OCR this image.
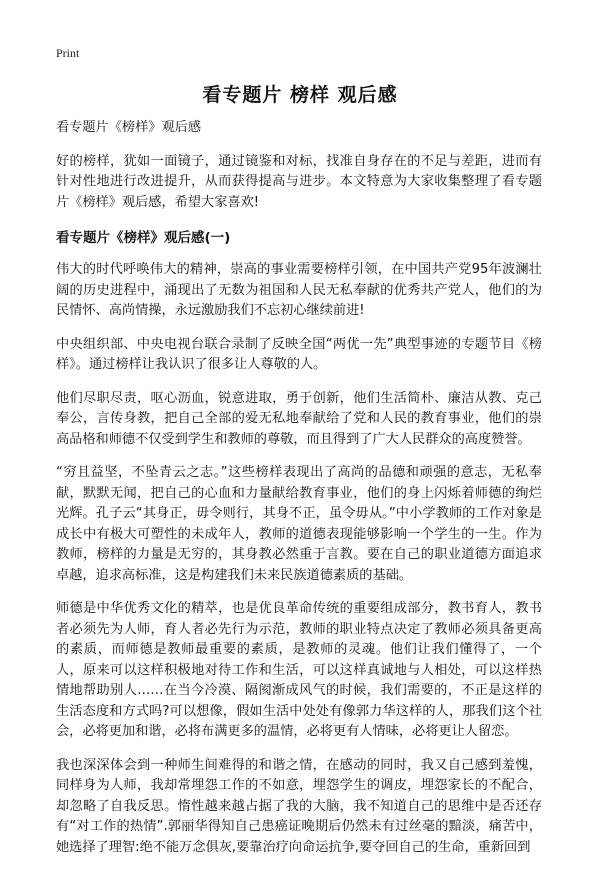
Print
看专题片 榜样 观后感

看专题片《榜样》观后感

好的榜样，犹如一面镜子，通过镜鉴和对标，找准自身存在的不足与差距，进而有针对性地进行改进提升，从而获得提高与进步。本文特意为大家收集整理了看专题片《榜样》观后感，希望大家喜欢!

看专题片《榜样》观后感(一)

伟大的时代呼唤伟大的精神，崇高的事业需要榜样引领，在中国共产党95年波澜壮阔的历史进程中，涌现出了无数为祖国和人民无私奉献的优秀共产党人，他们的为民情怀、高尚情操，永远激励我们不忘初心继续前进!

中央组织部、中央电视台联合录制了反映全国“两优一先”典型事迹的专题节目《榜样》。通过榜样让我认识了很多让人尊敬的人。

他们尽职尽责，呕心沥血，锐意进取，勇于创新，他们生活简朴、廉洁从教、克己奉公，言传身教，把自己全部的爱无私地奉献给了党和人民的教育事业，他们的崇高品格和师德不仅受到学生和教师的尊敬，而且得到了广大人民群众的高度赞誉。

“穷且益坚，不坠青云之志。”这些榜样表现出了高尚的品德和顽强的意志，无私奉献，默默无闻，把自己的心血和力量献给教育事业，他们的身上闪烁着师德的绚烂光辉。孔子云“其身正，毋令则行，其身不正，虽令毋从。”中小学教师的工作对象是成长中有极大可塑性的未成年人，教师的道德表现能够影响一个学生的一生。作为教师，榜样的力量是无穷的，其身教必然重于言教。要在自己的职业道德方面追求卓越，追求高标准，这是构建我们未来民族道德素质的基础。

师德是中华优秀文化的精萃，也是优良革命传统的重要组成部分，教书育人，教书者必须先为人师，育人者必先行为示范，教师的职业特点决定了教师必须具备更高的素质，而师德是教师最重要的素质，是教师的灵魂。他们让我们懂得了，一个人，原来可以这样积极地对待工作和生活，可以这样真诚地与人相处，可以这样热情地帮助别人……在当今冷漠、隔阂渐成风气的时候，我们需要的，不正是这样的生活态度和方式吗?可以想像，假如生活中处处有像郭力华这样的人，那我们这个社会，必将更加和谐，必将布满更多的温情，必将更有人情味，必将更让人留恋。

我也深深体会到一种师生间难得的和谐之情，在感动的同时，我又自己感到羞愧，同样身为人师，我却常埋怨工作的不如意，埋怨学生的调皮，埋怨家长的不配合，却忽略了自我反思。惰性越来越占据了我的大脑，我不知道自己的思维中是否还存有“对工作的热情”.郭丽华得知自己患癌证晚期后仍然未有过丝毫的黯淡，痛苦中，她选择了理智:绝不能万念俱灰,要靠治疗向命运抗争,要夺回自己的生命，重新回到
